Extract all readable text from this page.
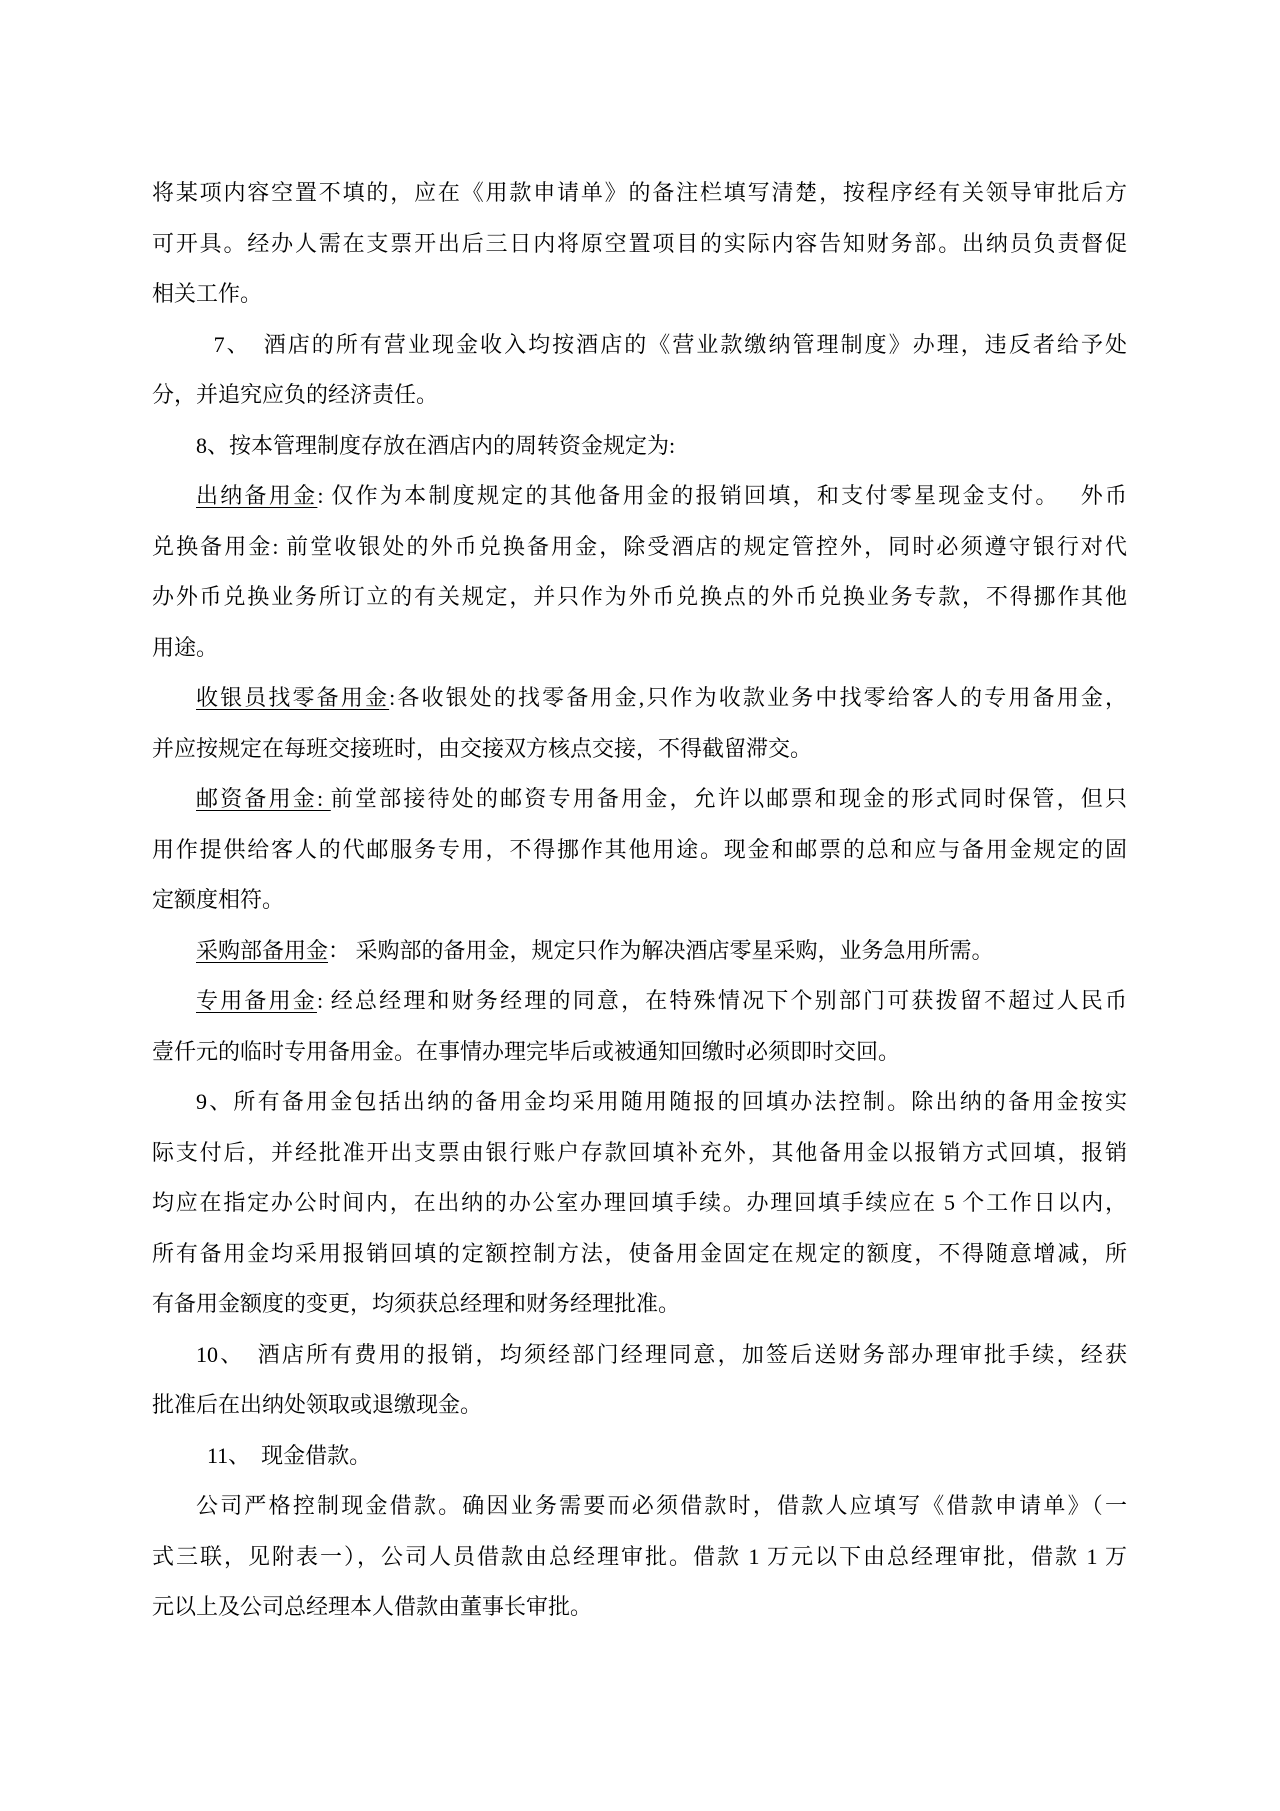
将某项内容空置不填的，应在《用款申请单》的备注栏填写清楚，按程序经有关领导审批后方
可开具。经办人需在支票开出后三日内将原空置项目的实际内容告知财务部。出纳员负责督促
相关工作。
7、　酒店的所有营业现金收入均按酒店的《营业款缴纳管理制度》办理，违反者给予处
分，并追究应负的经济责任。
8、按本管理制度存放在酒店内的周转资金规定为:
出纳备用金: 仅作为本制度规定的其他备用金的报销回填，和支付零星现金支付。　 外币
兑换备用金: 前堂收银处的外币兑换备用金，除受酒店的规定管控外，同时必须遵守银行对代
办外币兑换业务所订立的有关规定，并只作为外币兑换点的外币兑换业务专款，不得挪作其他
用途。
收银员找零备用金:各收银处的找零备用金,只作为收款业务中找零给客人的专用备用金，
并应按规定在每班交接班时，由交接双方核点交接，不得截留滞交。
邮资备用金: 前堂部接待处的邮资专用备用金，允许以邮票和现金的形式同时保管，但只
用作提供给客人的代邮服务专用，不得挪作其他用途。现金和邮票的总和应与备用金规定的固
定额度相符。
采购部备用金： 采购部的备用金，规定只作为解决酒店零星采购，业务急用所需。
专用备用金: 经总经理和财务经理的同意，在特殊情况下个别部门可获拨留不超过人民币
壹仟元的临时专用备用金。在事情办理完毕后或被通知回缴时必须即时交回。
9、所有备用金包括出纳的备用金均采用随用随报的回填办法控制。除出纳的备用金按实
际支付后，并经批准开出支票由银行账户存款回填补充外，其他备用金以报销方式回填，报销
均应在指定办公时间内，在出纳的办公室办理回填手续。办理回填手续应在 5 个工作日以内，
所有备用金均采用报销回填的定额控制方法，使备用金固定在规定的额度，不得随意增减，所
有备用金额度的变更，均须获总经理和财务经理批准。
10、　酒店所有费用的报销，均须经部门经理同意，加签后送财务部办理审批手续，经获
批准后在出纳处领取或退缴现金。
11、　现金借款。
公司严格控制现金借款。确因业务需要而必须借款时，借款人应填写《借款申请单》（一
式三联，见附表一），公司人员借款由总经理审批。借款 1 万元以下由总经理审批，借款 1 万
元以上及公司总经理本人借款由董事长审批。
